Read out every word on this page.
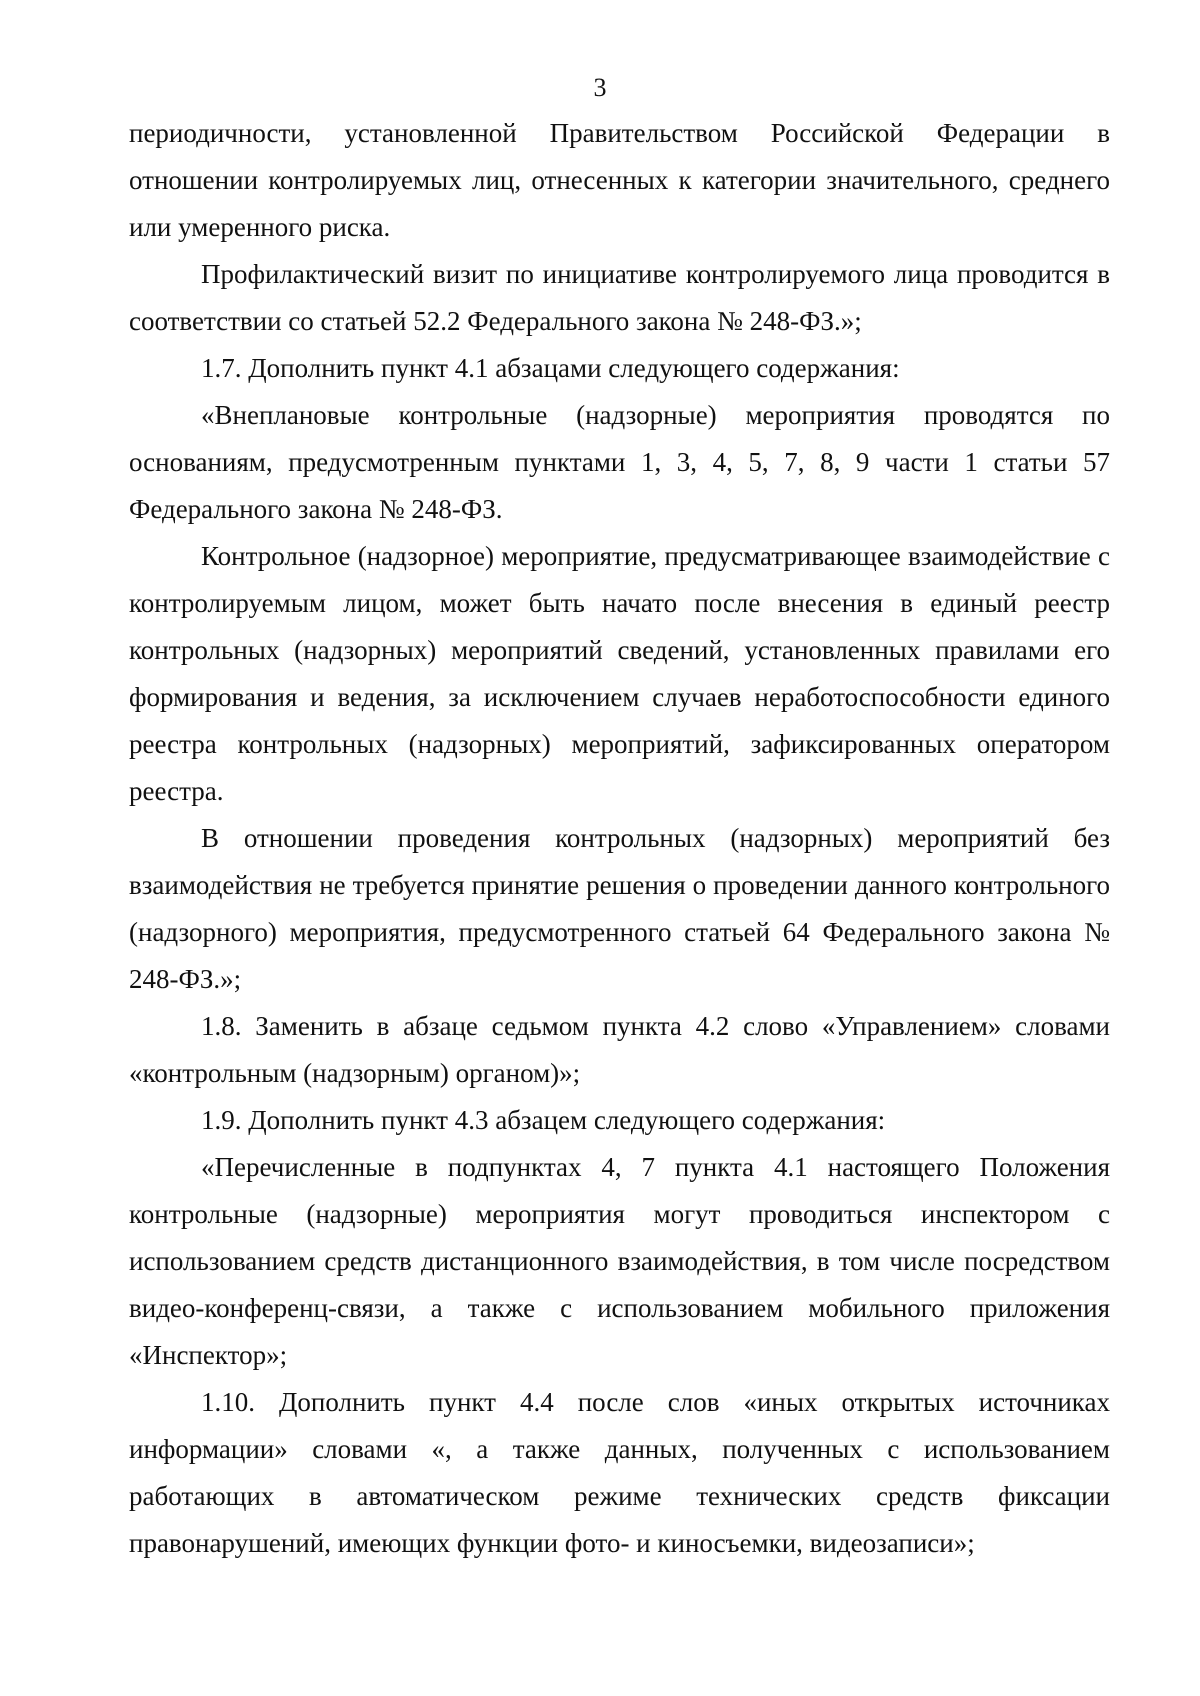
3

периодичности, установленной Правительством Российской Федерации в отношении контролируемых лиц, отнесенных к категории значительного, среднего или умеренного риска.

Профилактический визит по инициативе контролируемого лица проводится в соответствии со статьей 52.2 Федерального закона № 248-ФЗ.»;

1.7. Дополнить пункт 4.1 абзацами следующего содержания:

«Внеплановые контрольные (надзорные) мероприятия проводятся по основаниям, предусмотренным пунктами 1, 3, 4, 5, 7, 8, 9 части 1 статьи 57 Федерального закона № 248-ФЗ.

Контрольное (надзорное) мероприятие, предусматривающее взаимодействие с контролируемым лицом, может быть начато после внесения в единый реестр контрольных (надзорных) мероприятий сведений, установленных правилами его формирования и ведения, за исключением случаев неработоспособности единого реестра контрольных (надзорных) мероприятий, зафиксированных оператором реестра.

В отношении проведения контрольных (надзорных) мероприятий без взаимодействия не требуется принятие решения о проведении данного контрольного (надзорного) мероприятия, предусмотренного статьей 64 Федерального закона № 248-ФЗ.»;

1.8. Заменить в абзаце седьмом пункта 4.2 слово «Управлением» словами «контрольным (надзорным) органом)»;

1.9. Дополнить пункт 4.3 абзацем следующего содержания:

«Перечисленные в подпунктах 4, 7 пункта 4.1 настоящего Положения контрольные (надзорные) мероприятия могут проводиться инспектором с использованием средств дистанционного взаимодействия, в том числе посредством видео-конференц-связи, а также с использованием мобильного приложения «Инспектор»;

1.10. Дополнить пункт 4.4 после слов «иных открытых источниках информации» словами «, а также данных, полученных с использованием работающих в автоматическом режиме технических средств фиксации правонарушений, имеющих функции фото- и киносъемки, видеозаписи»;
